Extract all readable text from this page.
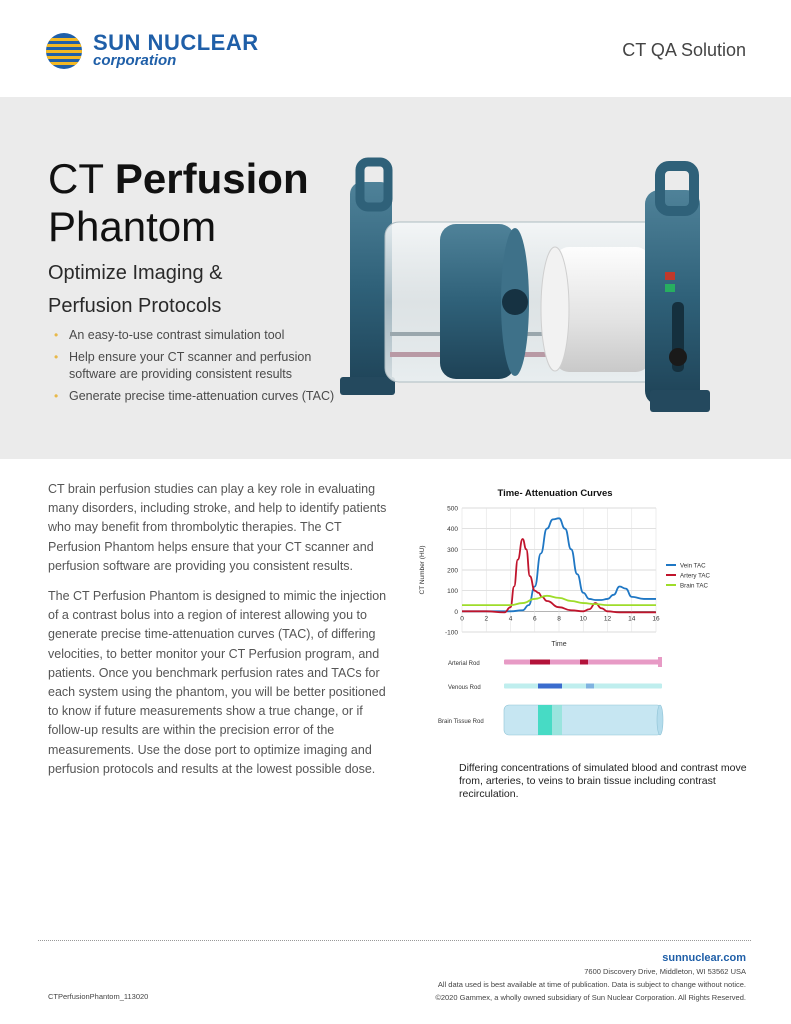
SUN NUCLEAR
corporation
CT QA Solution
CT Perfusion
Phantom
Optimize Imaging &
Perfusion Protocols
• An easy-to-use contrast simulation tool
• Help ensure your CT scanner and perfusion software are providing consistent results
• Generate precise time-attenuation curves (TAC)

CT brain perfusion studies can play a key role in evaluating many disorders, including stroke, and help to identify patients who may benefit from thrombolytic therapies. The CT Perfusion Phantom helps ensure that your CT scanner and perfusion software are providing you consistent results.

The CT Perfusion Phantom is designed to mimic the injection of a contrast bolus into a region of interest allowing you to generate precise time-attenuation curves (TAC), of differing velocities, to better monitor your CT Perfusion program, and patients. Once you benchmark perfusion rates and TACs for each system using the phantom, you will be better positioned to know if future measurements show a true change, or if follow-up results are within the precision error of the measurements. Use the dose port to optimize imaging and perfusion protocols and results at the lowest possible dose.

Time- Attenuation Curves
500
400
300
200
100
0
-100
0	2	4	6	8	10	12	14	16
CT Number (HU)
Time
Vein TAC
Artery TAC
Brain TAC
Arterial Rod
Venous Rod
Brain Tissue Rod
Differing concentrations of simulated blood and contrast move from, arteries, to veins to brain tissue including contrast recirculation.
sunnuclear.com
7600 Discovery Drive, Middleton, WI 53562 USA
All data used is best available at time of publication. Data is subject to change without notice.
©2020 Gammex, a wholly owned subsidiary of Sun Nuclear Corporation. All Rights Reserved.
CTPerfusionPhantom_113020
